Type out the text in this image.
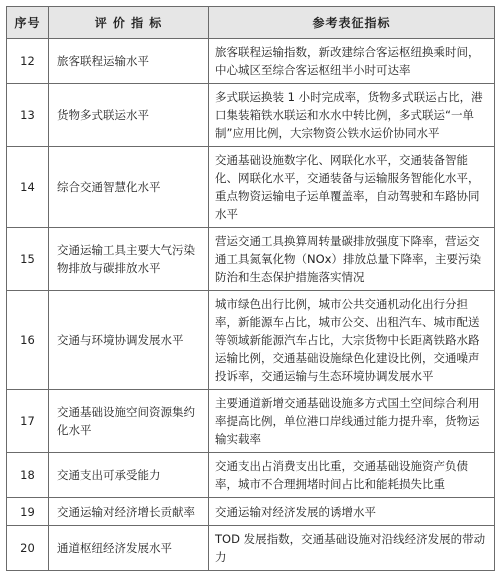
序号	评 价 指 标	参考表征指标
12	旅客联程运输水平	旅客联程运输指数，新改建综合客运枢纽换乘时间，中心城区至综合客运枢纽半小时可达率
13	货物多式联运水平	多式联运换装 1 小时完成率，货物多式联运占比，港口集装箱铁水联运和水水中转比例，多式联运“一单制”应用比例，大宗物资公铁水运价协同水平
14	综合交通智慧化水平	交通基础设施数字化、网联化水平，交通装备智能化、网联化水平，交通装备与运输服务智能化水平，重点物资运输电子运单覆盖率，自动驾驶和车路协同水平
15	交通运输工具主要大气污染物排放与碳排放水平	营运交通工具换算周转量碳排放强度下降率，营运交通工具氮氧化物（NOx）排放总量下降率，主要污染防治和生态保护措施落实情况
16	交通与环境协调发展水平	城市绿色出行比例，城市公共交通机动化出行分担率，新能源车占比，城市公交、出租汽车、城市配送等领域新能源汽车占比，大宗货物中长距离铁路水路运输比例，交通基础设施绿色化建设比例，交通噪声投诉率，交通运输与生态环境协调发展水平
17	交通基础设施空间资源集约化水平	主要通道新增交通基础设施多方式国土空间综合利用率提高比例，单位港口岸线通过能力提升率，货物运输实载率
18	交通支出可承受能力	交通支出占消费支出比重，交通基础设施资产负债率，城市不合理拥堵时间占比和能耗损失比重
19	交通运输对经济增长贡献率	交通运输对经济发展的诱增水平
20	通道枢纽经济发展水平	TOD 发展指数，交通基础设施对沿线经济发展的带动力
